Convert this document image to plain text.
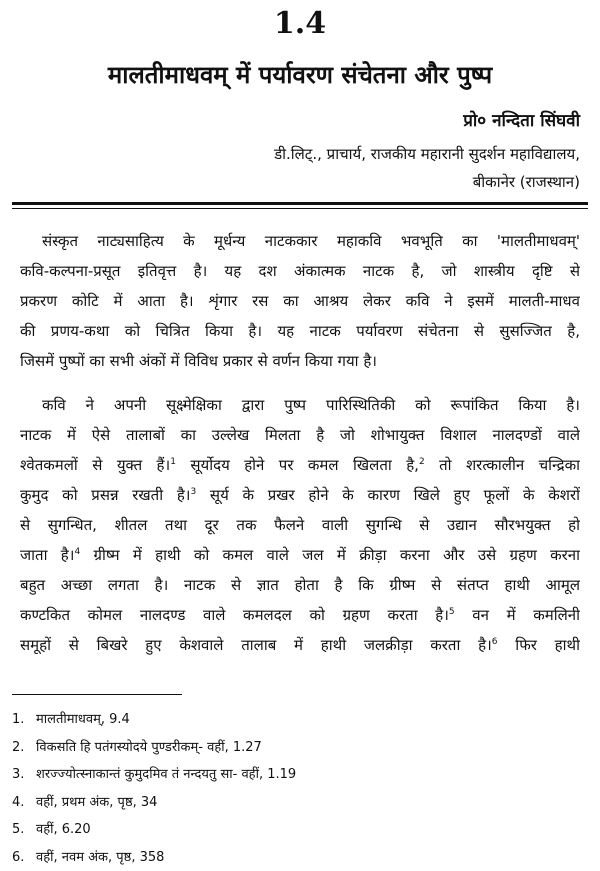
1.4
मालतीमाधवम् में पर्यावरण संचेतना और पुष्प
प्रो० नन्दिता सिंघवी
डी.लिट्., प्राचार्य, राजकीय महारानी सुदर्शन महाविद्यालय,
बीकानेर (राजस्थान)
संस्कृत नाट्यसाहित्य के मूर्धन्य नाटककार महाकवि भवभूति का 'मालतीमाधवम्'
कवि-कल्पना-प्रसूत इतिवृत्त है। यह दश अंकात्मक नाटक है, जो शास्त्रीय दृष्टि से
प्रकरण कोटि में आता है। शृंगार रस का आश्रय लेकर कवि ने इसमें मालती-माधव
की प्रणय-कथा को चित्रित किया है। यह नाटक पर्यावरण संचेतना से सुसज्जित है,
जिसमें पुष्पों का सभी अंकों में विविध प्रकार से वर्णन किया गया है।
कवि ने अपनी सूक्ष्मेक्षिका द्वारा पुष्प पारिस्थितिकी को रूपांकित किया है।
नाटक में ऐसे तालाबों का उल्लेख मिलता है जो शोभायुक्त विशाल नालदण्डों वाले
श्वेतकमलों से युक्त हैं।$^1$ सूर्योदय होने पर कमल खिलता है,$^2$ तो शरत्कालीन चन्द्रिका
कुमुद को प्रसन्न रखती है।$^3$ सूर्य के प्रखर होने के कारण खिले हुए फूलों के केशरों
से सुगन्धित, शीतल तथा दूर तक फैलने वाली सुगन्धि से उद्यान सौरभयुक्त हो
जाता है।$^4$ ग्रीष्म में हाथी को कमल वाले जल में क्रीड़ा करना और उसे ग्रहण करना
बहुत अच्छा लगता है। नाटक से ज्ञात होता है कि ग्रीष्म से संतप्त हाथी आमूल
कण्टकित कोमल नालदण्ड वाले कमलदल को ग्रहण करता है।$^5$ वन में कमलिनी
समूहों से बिखरे हुए केशवाले तालाब में हाथी जलक्रीड़ा करता है।$^6$ फिर हाथी
1. मालतीमाधवम्, 9.4
2. विकसति हि पतंगस्योदये पुण्डरीकम्- वहीं, 1.27
3. शरज्ज्योत्स्नाकान्तं कुमुदमिव तं नन्दयतु सा- वहीं, 1.19
4. वहीं, प्रथम अंक, पृष्ठ, 34
5. वहीं, 6.20
6. वहीं, नवम अंक, पृष्ठ, 358
